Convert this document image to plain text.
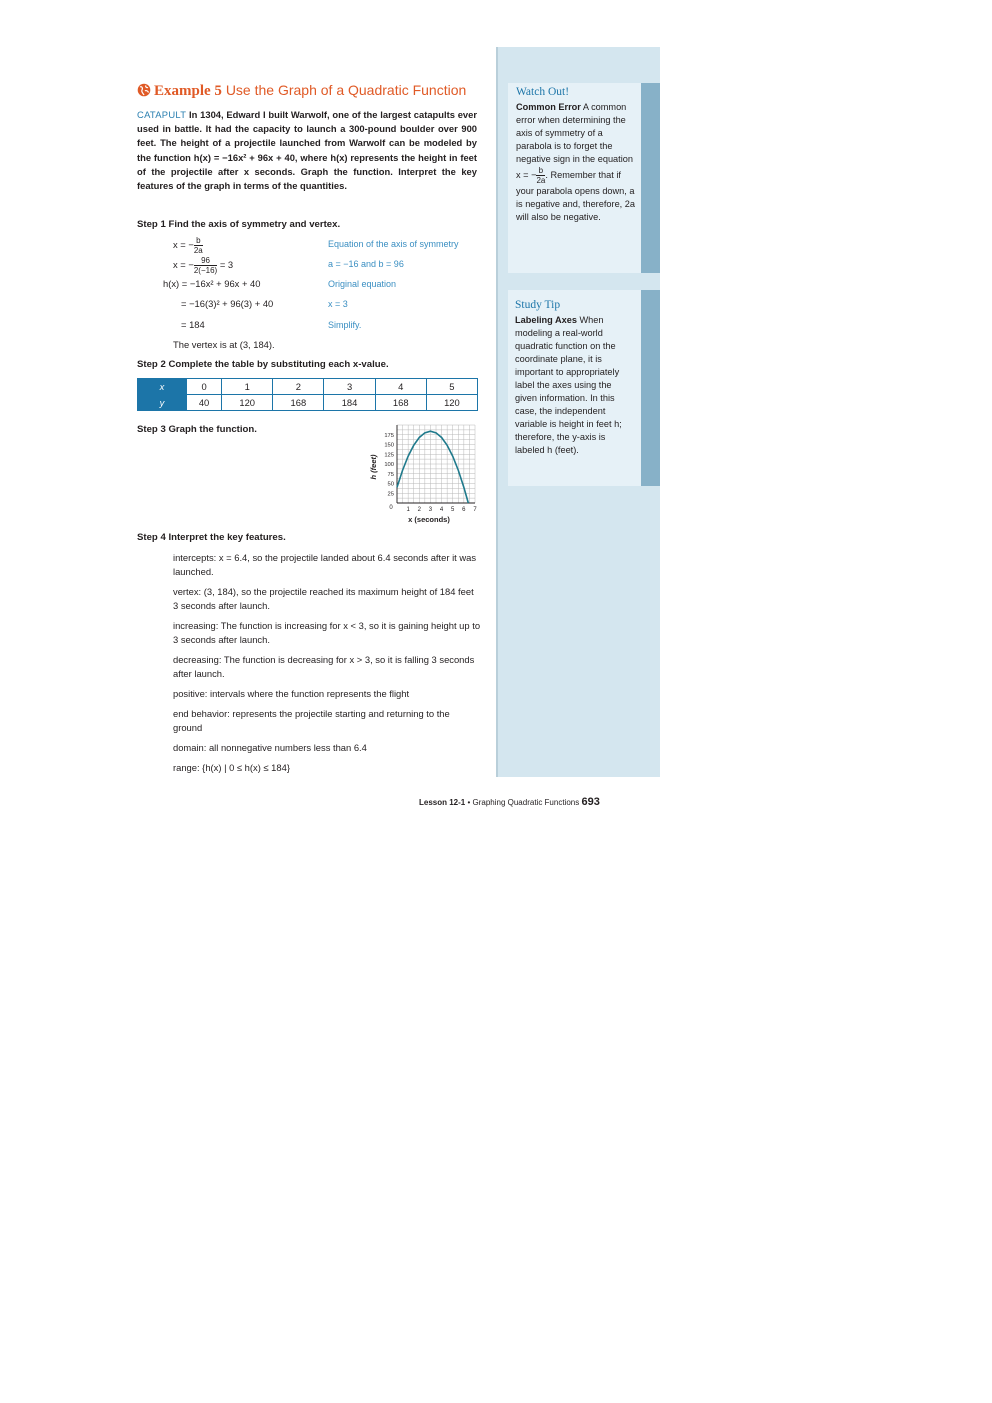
Example 5 Use the Graph of a Quadratic Function
CATAPULT In 1304, Edward I built Warwolf, one of the largest catapults ever used in battle. It had the capacity to launch a 300-pound boulder over 900 feet. The height of a projectile launched from Warwolf can be modeled by the function h(x) = −16x² + 96x + 40, where h(x) represents the height in feet of the projectile after x seconds. Graph the function. Interpret the key features of the graph in terms of the quantities.
Step 1 Find the axis of symmetry and vertex.
x = − $\frac{b}{2a}$	Equation of the axis of symmetry
x = − $\frac{96}{2(-16)} = 3$	a = −16 and b = 96
h(x) = −16x² + 96x + 40	Original equation
= −16(3)² + 96(3) + 40	x = 3
= 184	Simplify.
The vertex is at (3, 184).
Step 2 Complete the table by substituting each x-value.
x	0	1	2	3	4	5
y	40	120	168	184	168	120
Step 3 Graph the function.
1 2 3 4 5 6 7
25
50
75
100
125
150
175
0
h (feet)
x (seconds)
Step 4 Interpret the key features.
intercepts: x = 6.4, so the projectile landed about 6.4 seconds after it was launched.
vertex: (3, 184), so the projectile reached its maximum height of 184 feet 3 seconds after launch.
increasing: The function is increasing for x < 3, so it is gaining height up to 3 seconds after launch.
decreasing: The function is decreasing for x > 3, so it is falling 3 seconds after launch.
positive: intervals where the function represents the flight
end behavior: represents the projectile starting and returning to the ground
domain: all nonnegative numbers less than 6.4
range: {h(x) | 0 ≤ h(x) ≤ 184}
Watch Out!
Common Error A common error when determining the axis of symmetry of a parabola is to forget the negative sign in the equation x = − $\frac{b}{2a}$ . Remember that if your parabola opens down, a is negative and, therefore, 2a will also be negative.
Study Tip
Labeling Axes When modeling a real-world quadratic function on the coordinate plane, it is important to appropriately label the axes using the given information. In this case, the independent variable is height in feet h; therefore, the y-axis is labeled h (feet).
Lesson 12-1 • Graphing Quadratic Functions 693
